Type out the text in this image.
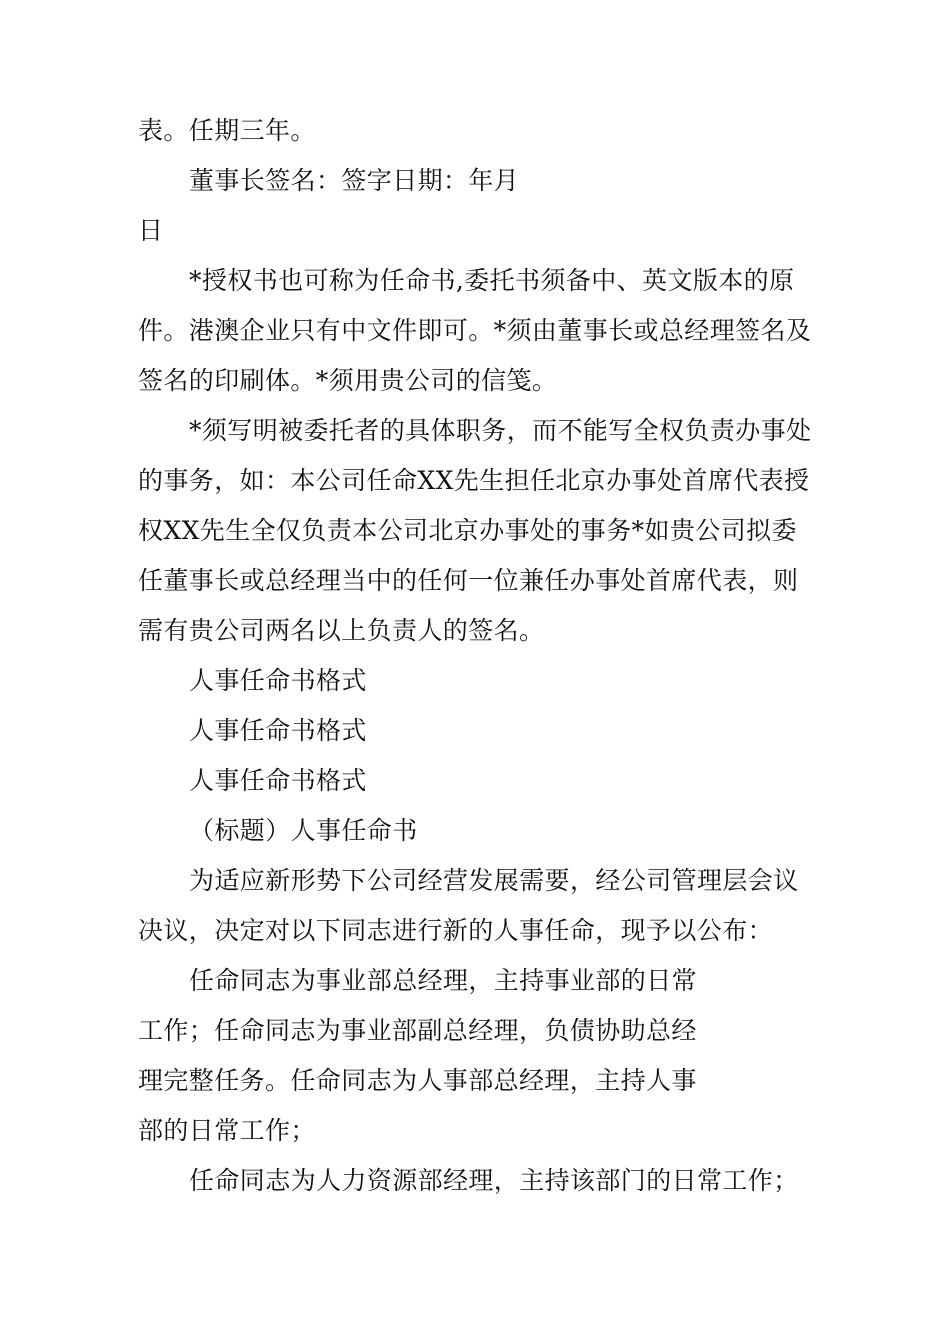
表。任期三年。
董事长签名：签字日期：年月
日
*授权书也可称为任命书,委托书须备中、英文版本的原
件。港澳企业只有中文件即可。*须由董事长或总经理签名及
签名的印刷体。*须用贵公司的信笺。
*须写明被委托者的具体职务，而不能写全权负责办事处
的事务，如：本公司任命XX先生担任北京办事处首席代表授
权XX先生全仅负责本公司北京办事处的事务*如贵公司拟委
任董事长或总经理当中的任何一位兼任办事处首席代表，则
需有贵公司两名以上负责人的签名。
人事任命书格式
人事任命书格式
人事任命书格式
（标题）人事任命书
为适应新形势下公司经营发展需要，经公司管理层会议
决议，决定对以下同志进行新的人事任命，现予以公布：
任命同志为事业部总经理，主持事业部的日常
工作；任命同志为事业部副总经理，负债协助总经
理完整任务。任命同志为人事部总经理，主持人事
部的日常工作；
任命同志为人力资源部经理，主持该部门的日常工作；
